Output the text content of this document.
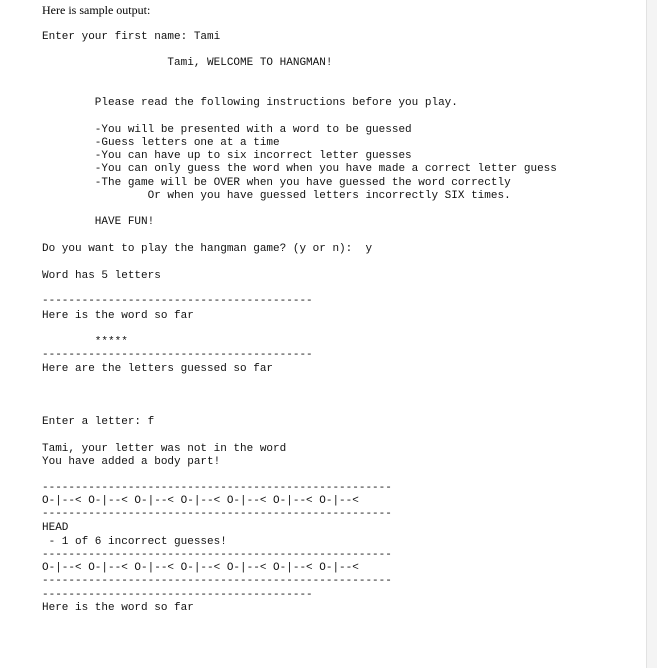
Here is sample output:
Enter your first name: Tami
Tami, WELCOME TO HANGMAN!
Please read the following instructions before you play.
-You will be presented with a word to be guessed
-Guess letters one at a time
-You can have up to six incorrect letter guesses
-You can only guess the word when you have made a correct letter guess
-The game will be OVER when you have guessed the word correctly
Or when you have guessed letters incorrectly SIX times.
HAVE FUN!
Do you want to play the hangman game? (y or n):  y
Word has 5 letters
-----------------------------------------
Here is the word so far
*****
-----------------------------------------
Here are the letters guessed so far
Enter a letter: f
Tami, your letter was not in the word
You have added a body part!
-----------------------------------------------------
O-|--< O-|--< O-|--< O-|--< O-|--< O-|--< O-|--<
-----------------------------------------------------
HEAD
- 1 of 6 incorrect guesses!
-----------------------------------------------------
O-|--< O-|--< O-|--< O-|--< O-|--< O-|--< O-|--<
-----------------------------------------------------
-----------------------------------------
Here is the word so far
